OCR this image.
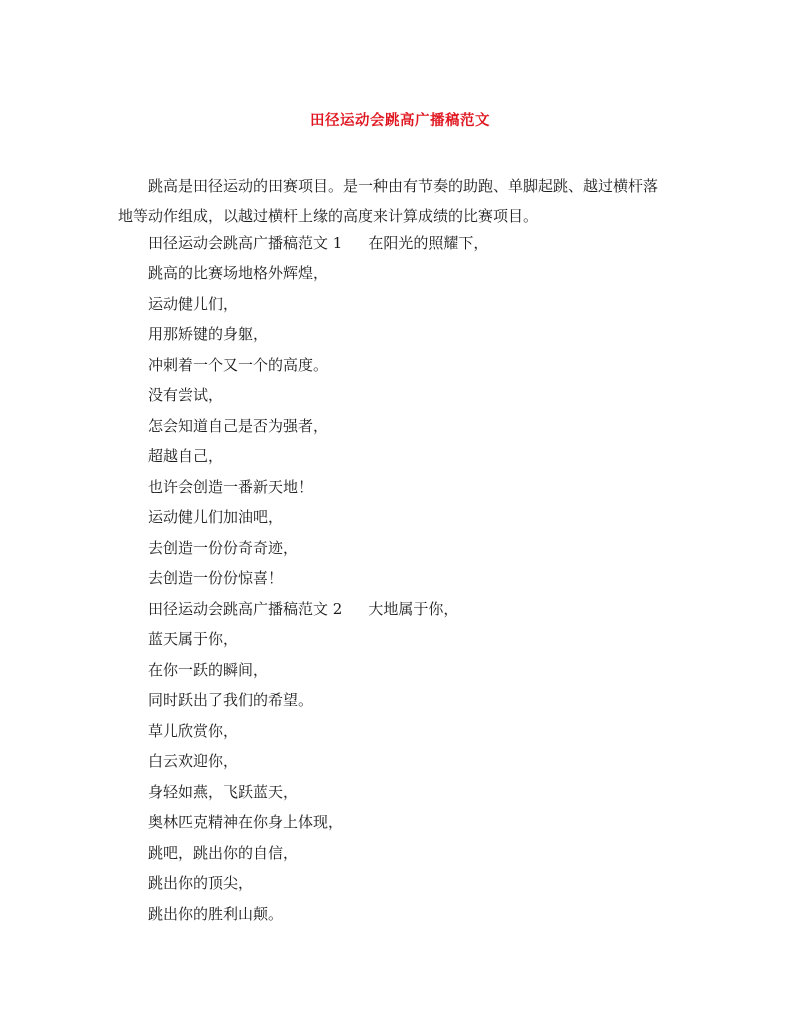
田径运动会跳高广播稿范文
跳高是田径运动的田赛项目。是一种由有节奏的助跑、单脚起跳、越过横杆落
地等动作组成，以越过横杆上缘的高度来计算成绩的比赛项目。
田径运动会跳高广播稿范文 1 在阳光的照耀下，
跳高的比赛场地格外辉煌，
运动健儿们，
用那矫键的身躯，
冲刺着一个又一个的高度。
没有尝试，
怎会知道自己是否为强者，
超越自己，
也许会创造一番新天地！
运动健儿们加油吧，
去创造一份份奇奇迹，
去创造一份份惊喜！
田径运动会跳高广播稿范文 2 大地属于你，
蓝天属于你，
在你一跃的瞬间，
同时跃出了我们的希望。
草儿欣赏你，
白云欢迎你，
身轻如燕，飞跃蓝天，
奥林匹克精神在你身上体现，
跳吧，跳出你的自信，
跳出你的顶尖，
跳出你的胜利山颠。
